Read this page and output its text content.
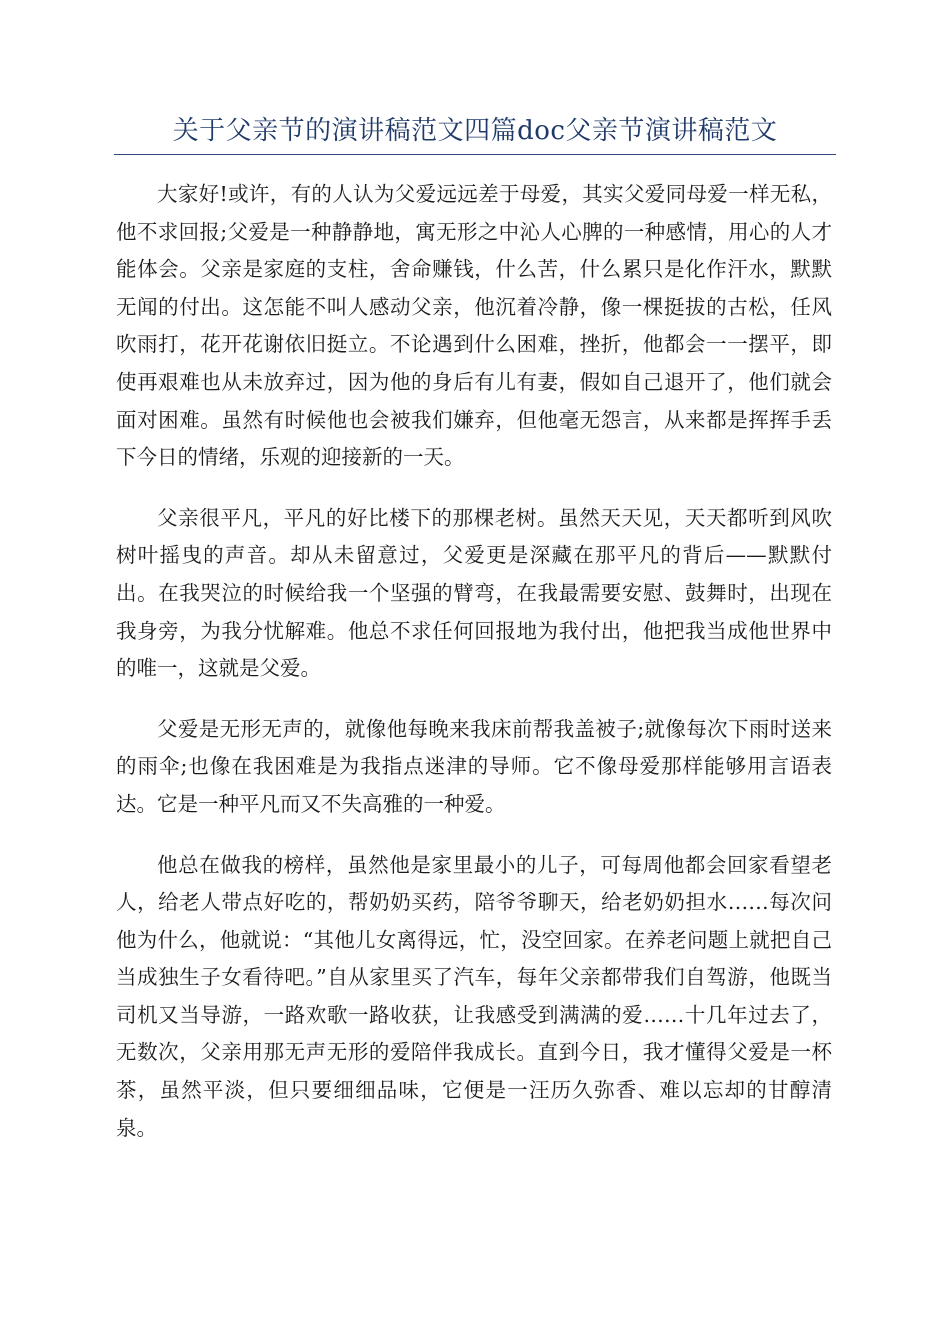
关于父亲节的演讲稿范文四篇doc父亲节演讲稿范文

大家好!或许，有的人认为父爱远远差于母爱，其实父爱同母爱一样无私，他不求回报;父爱是一种静静地，寓无形之中沁人心脾的一种感情，用心的人才能体会。父亲是家庭的支柱，舍命赚钱，什么苦，什么累只是化作汗水，默默无闻的付出。这怎能不叫人感动父亲，他沉着冷静，像一棵挺拔的古松，任风吹雨打，花开花谢依旧挺立。不论遇到什么困难，挫折，他都会一一摆平，即使再艰难也从未放弃过，因为他的身后有儿有妻，假如自己退开了，他们就会面对困难。虽然有时候他也会被我们嫌弃，但他毫无怨言，从来都是挥挥手丢下今日的情绪，乐观的迎接新的一天。

父亲很平凡，平凡的好比楼下的那棵老树。虽然天天见，天天都听到风吹树叶摇曳的声音。却从未留意过，父爱更是深藏在那平凡的背后——默默付出。在我哭泣的时候给我一个坚强的臂弯，在我最需要安慰、鼓舞时，出现在我身旁，为我分忧解难。他总不求任何回报地为我付出，他把我当成他世界中的唯一，这就是父爱。

父爱是无形无声的，就像他每晚来我床前帮我盖被子;就像每次下雨时送来的雨伞;也像在我困难是为我指点迷津的导师。它不像母爱那样能够用言语表达。它是一种平凡而又不失高雅的一种爱。

他总在做我的榜样，虽然他是家里最小的儿子，可每周他都会回家看望老人，给老人带点好吃的，帮奶奶买药，陪爷爷聊天，给老奶奶担水……每次问他为什么，他就说：“其他儿女离得远，忙，没空回家。在养老问题上就把自己当成独生子女看待吧。”自从家里买了汽车，每年父亲都带我们自驾游，他既当司机又当导游，一路欢歌一路收获，让我感受到满满的爱……十几年过去了，无数次，父亲用那无声无形的爱陪伴我成长。直到今日，我才懂得父爱是一杯茶，虽然平淡，但只要细细品味，它便是一汪历久弥香、难以忘却的甘醇清泉。
